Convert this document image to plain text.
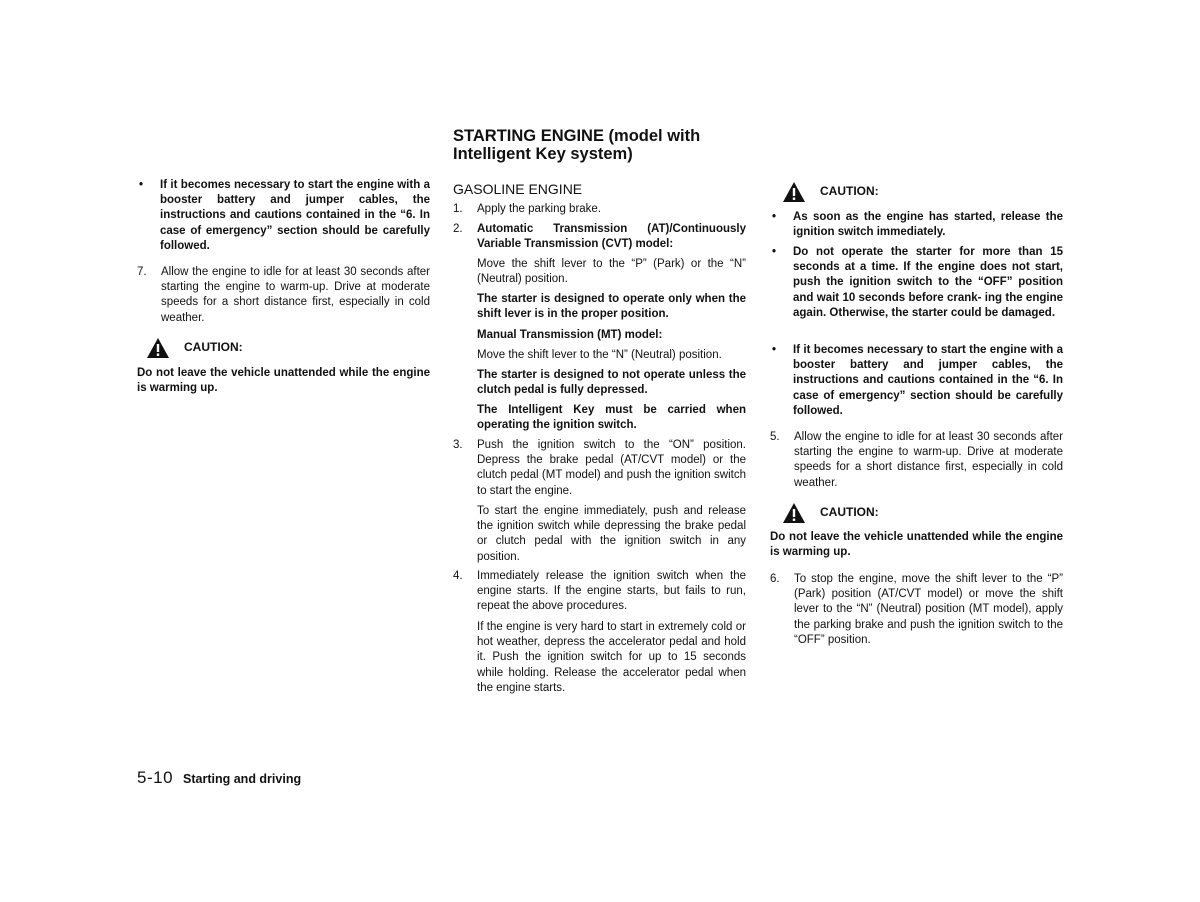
•	If it becomes necessary to start the engine with a booster battery and jumper cables, the instructions and cautions contained in the “6. In case of emergency” section should be carefully followed.
7.	Allow the engine to idle for at least 30 seconds after starting the engine to warm-up. Drive at moderate speeds for a short distance first, especially in cold weather.
CAUTION:
Do not leave the vehicle unattended while the engine is warming up.
STARTING ENGINE (model with Intelligent Key system)
GASOLINE ENGINE
1.	Apply the parking brake.
2.	Automatic Transmission (AT)/Continuously Variable Transmission (CVT) model:
Move the shift lever to the “P” (Park) or the “N” (Neutral) position.
The starter is designed to operate only when the shift lever is in the proper position.
Manual Transmission (MT) model:
Move the shift lever to the “N” (Neutral) position.
The starter is designed to not operate unless the clutch pedal is fully depressed.
The Intelligent Key must be carried when operating the ignition switch.
3.	Push the ignition switch to the “ON” position. Depress the brake pedal (AT/CVT model) or the clutch pedal (MT model) and push the ignition switch to start the engine.
To start the engine immediately, push and release the ignition switch while depressing the brake pedal or clutch pedal with the ignition switch in any position.
4.	Immediately release the ignition switch when the engine starts. If the engine starts, but fails to run, repeat the above procedures.
If the engine is very hard to start in extremely cold or hot weather, depress the accelerator pedal and hold it. Push the ignition switch for up to 15 seconds while holding. Release the accelerator pedal when the engine starts.
CAUTION:
•	As soon as the engine has started, release the ignition switch immediately.
•	Do not operate the starter for more than 15 seconds at a time. If the engine does not start, push the ignition switch to the “OFF” position and wait 10 seconds before crank- ing the engine again. Otherwise, the starter could be damaged.
•	If it becomes necessary to start the engine with a booster battery and jumper cables, the instructions and cautions contained in the “6. In case of emergency” section should be carefully followed.
5.	Allow the engine to idle for at least 30 seconds after starting the engine to warm-up. Drive at moderate speeds for a short distance first, especially in cold weather.
CAUTION:
Do not leave the vehicle unattended while the engine is warming up.
6.	To stop the engine, move the shift lever to the “P” (Park) position (AT/CVT model) or move the shift lever to the “N” (Neutral) position (MT model), apply the parking brake and push the ignition switch to the “OFF” position.
5-10 Starting and driving
